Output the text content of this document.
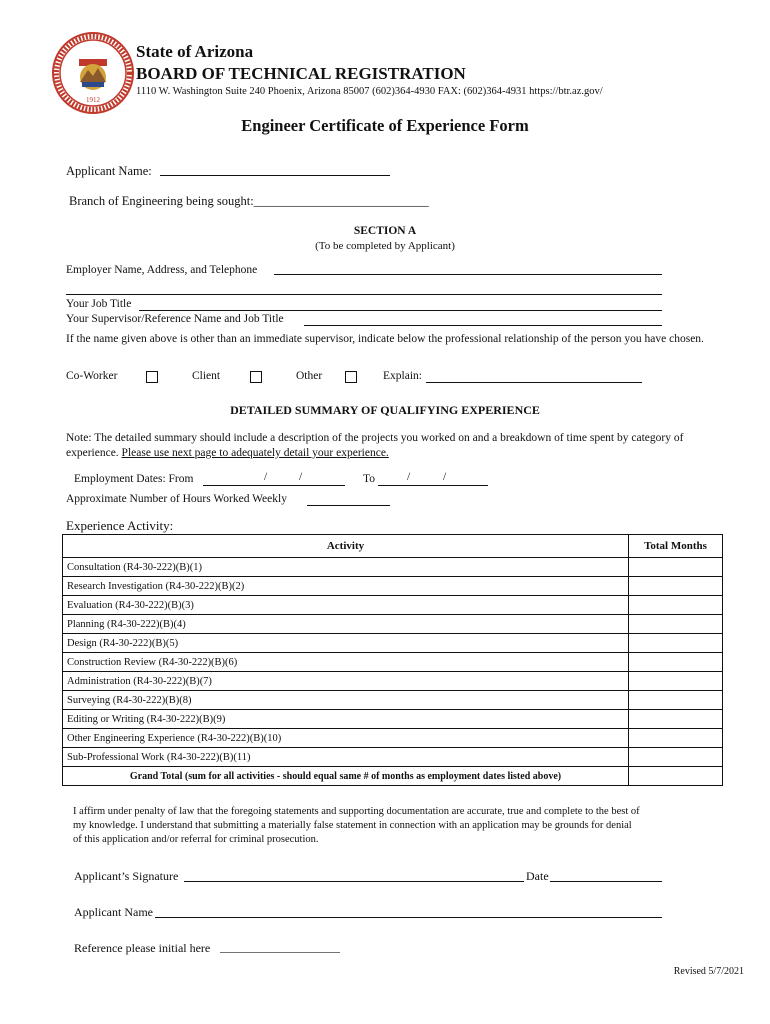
1912
State of Arizona
BOARD OF TECHNICAL REGISTRATION
1110 W. Washington Suite 240 Phoenix, Arizona 85007 (602)364-4930 FAX: (602)364-4931 https://btr.az.gov/
Engineer Certificate of Experience Form
Applicant Name:
Branch of Engineering being sought:____________________________
SECTION A
(To be completed by Applicant)
Employer Name, Address, and Telephone
Your Job Title
Your Supervisor/Reference Name and Job Title
If the name given above is other than an immediate supervisor, indicate below the professional relationship of the person you have chosen.
Co-Worker	Client	Other	Explain:
DETAILED SUMMARY OF QUALIFYING EXPERIENCE
Note: The detailed summary should include a description of the projects you worked on and a breakdown of time spent by category of experience. Please use next page to adequately detail your experience.
Employment Dates: From	/	/	To	/	/
Approximate Number of Hours Worked Weekly
Experience Activity:
Activity	Total Months
Consultation (R4-30-222)(B)(1)	
Research Investigation (R4-30-222)(B)(2)	
Evaluation (R4-30-222)(B)(3)	
Planning (R4-30-222)(B)(4)	
Design (R4-30-222)(B)(5)	
Construction Review (R4-30-222)(B)(6)	
Administration (R4-30-222)(B)(7)	
Surveying (R4-30-222)(B)(8)	
Editing or Writing (R4-30-222)(B)(9)	
Other Engineering Experience (R4-30-222)(B)(10)	
Sub-Professional Work (R4-30-222)(B)(11)	
Grand Total (sum for all activities - should equal same # of months as employment dates listed above)	
I affirm under penalty of law that the foregoing statements and supporting documentation are accurate, true and complete to the best of my knowledge. I understand that submitting a materially false statement in connection with an application may be grounds for denial of this application and/or referral for criminal prosecution.
Applicant’s Signature	Date
Applicant Name
Reference please initial here ____________________
Revised 5/7/2021
